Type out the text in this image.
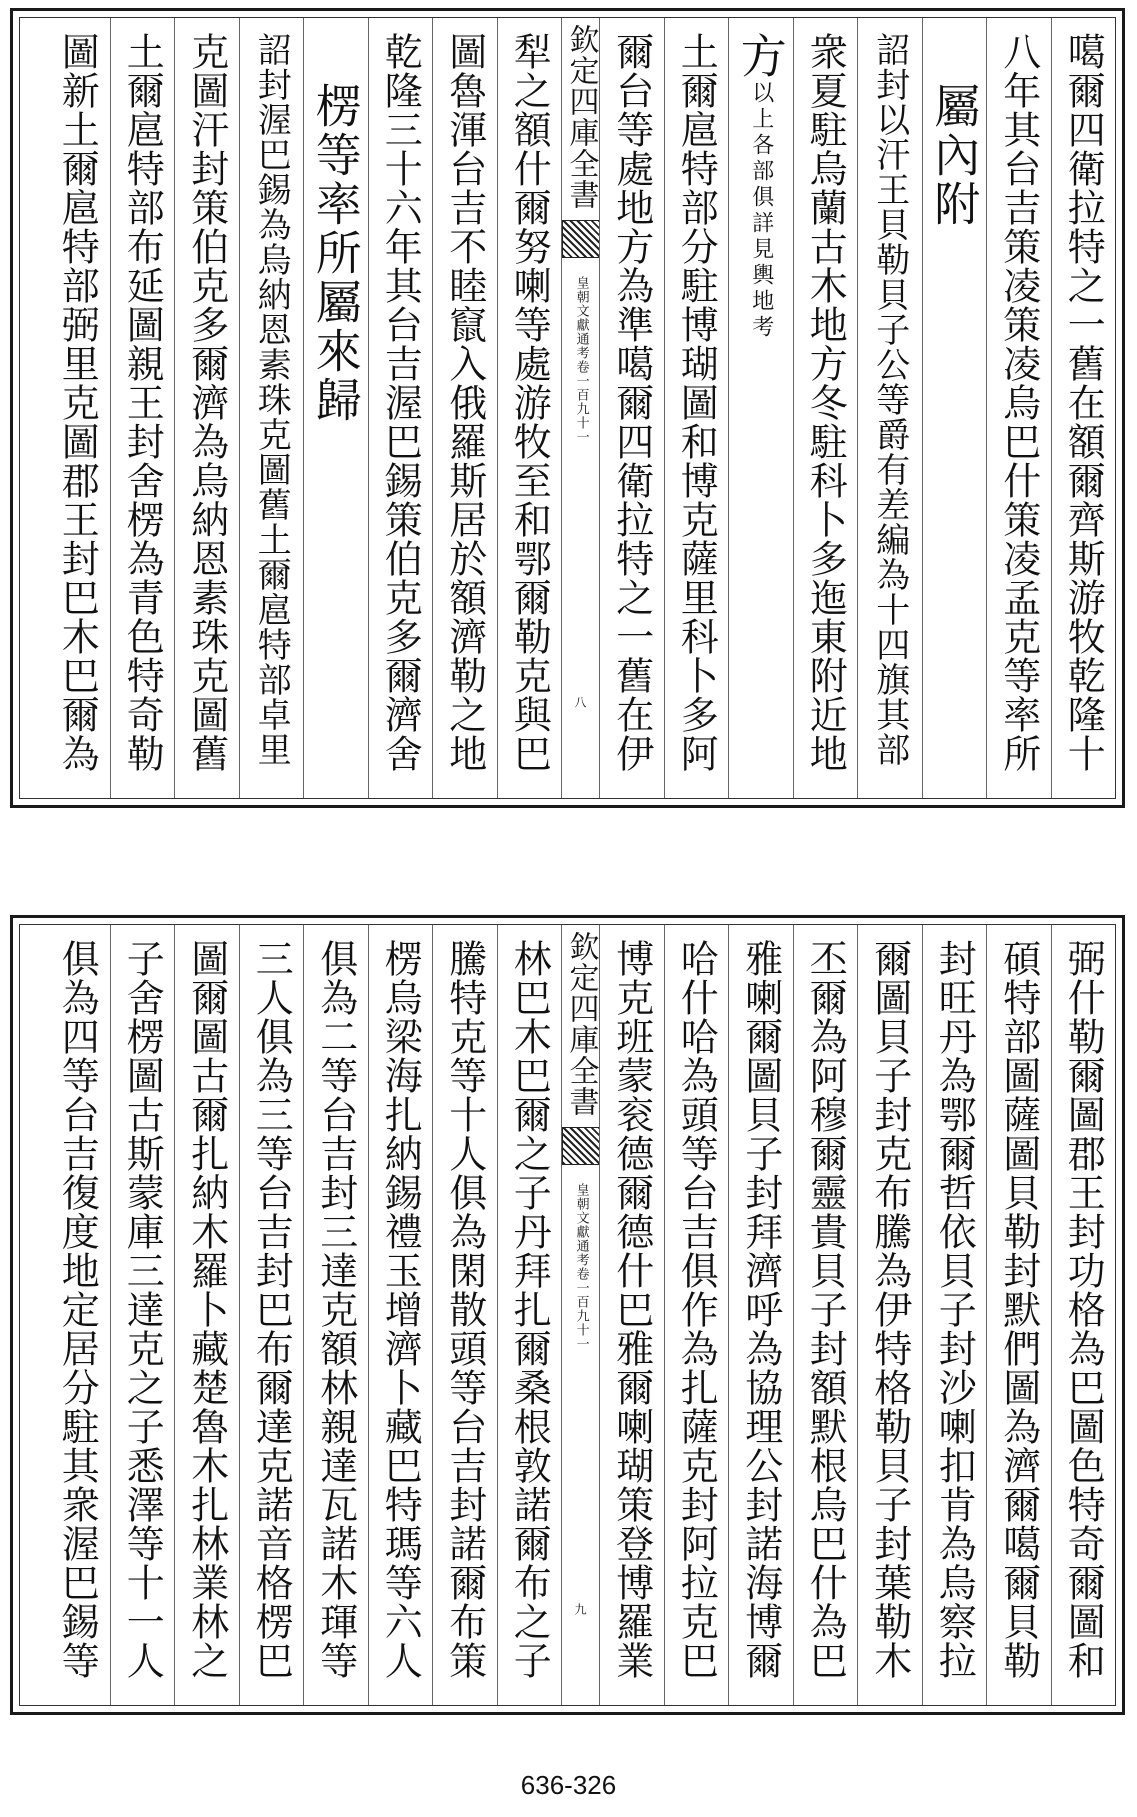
噶爾四衛拉特之一舊在額爾齊斯游牧乾隆十
八年其台吉策凌策凌烏巴什策凌孟克等率所
屬內附
詔封以汗王貝勒貝子公等爵有差編為十四旗其部
衆夏駐烏蘭古木地方冬駐科卜多迤東附近地
方
以上各部俱詳見輿地考
土爾扈特部分駐博瑚圖和博克薩里科卜多阿
爾台等處地方為準噶爾四衛拉特之一舊在伊
欽定四庫全書
皇朝文獻通考卷一百九十一
八
犁之額什爾努喇等處游牧至和鄂爾勒克與巴
圖魯渾台吉不睦竄入俄羅斯居於額濟勒之地
乾隆三十六年其台吉渥巴錫策伯克多爾濟舍
楞等率所屬來歸
詔封渥巴錫為烏納恩素珠克圖舊土爾扈特部卓里
克圖汗封策伯克多爾濟為烏納恩素珠克圖舊
土爾扈特部布延圖親王封舍楞為青色特奇勒
圖新土爾扈特部弼里克圖郡王封巴木巴爾為
弼什勒爾圖郡王封功格為巴圖色特奇爾圖和
碩特部圖薩圖貝勒封默們圖為濟爾噶爾貝勒
封旺丹為鄂爾哲依貝子封沙喇扣肯為烏察拉
爾圖貝子封克布騰為伊特格勒貝子封葉勒木
丕爾為阿穆爾靈貴貝子封額默根烏巴什為巴
雅喇爾圖貝子封拜濟呼為協理公封諾海博爾
哈什哈為頭等台吉俱作為扎薩克封阿拉克巴
博克班蒙衮德爾德什巴雅爾喇瑚策登博羅業
欽定四庫全書
皇朝文獻通考卷一百九十一
九
林巴木巴爾之子丹拜扎爾桑根敦諾爾布之子
騰特克等十人俱為閑散頭等台吉封諾爾布策
楞烏梁海扎納錫禮玉增濟卜藏巴特瑪等六人
俱為二等台吉封三達克額林親達瓦諾木琿等
三人俱為三等台吉封巴布爾達克諾音格楞巴
圖爾圖古爾扎納木羅卜藏楚魯木扎林業林之
子舍楞圖古斯蒙庫三達克之子悉澤等十一人
俱為四等台吉復度地定居分駐其衆渥巴錫等
636-326
